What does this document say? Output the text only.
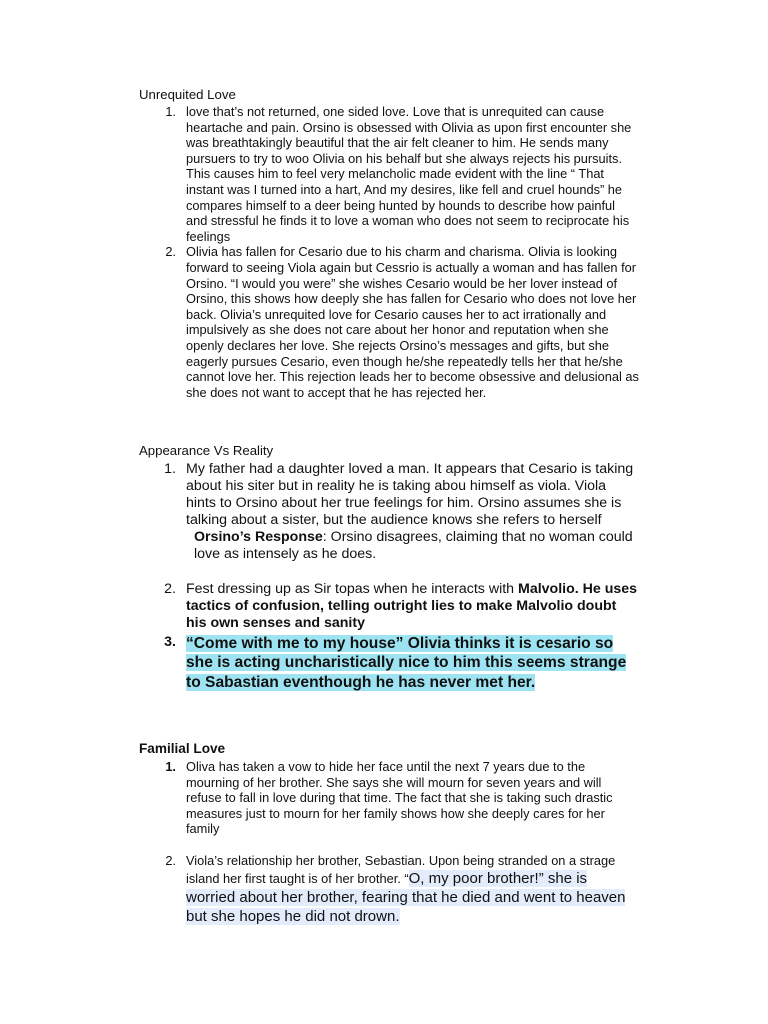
Unrequited Love

1. love that’s not returned, one sided love. Love that is unrequited can cause heartache and pain. Orsino is obsessed with Olivia as upon first encounter she was breathtakingly beautiful that the air felt cleaner to him. He sends many pursuers to try to woo Olivia on his behalf but she always rejects his pursuits. This causes him to feel very melancholic made evident with the line “ That instant was I turned into a hart, And my desires, like fell and cruel hounds” he compares himself to a deer being hunted by hounds to describe how painful and stressful he finds it to love a woman who does not seem to reciprocate his feelings
2. Olivia has fallen for Cesario due to his charm and charisma. Olivia is looking forward to seeing Viola again but Cessrio is actually a woman and has fallen for Orsino. “I would you were” she wishes Cesario would be her lover instead of Orsino, this shows how deeply she has fallen for Cesario who does not love her back. Olivia’s unrequited love for Cesario causes her to act irrationally and impulsively as she does not care about her honor and reputation when she openly declares her love. She rejects Orsino’s messages and gifts, but she eagerly pursues Cesario, even though he/she repeatedly tells her that he/she cannot love her. This rejection leads her to become obsessive and delusional as she does not want to accept that he has rejected her.

Appearance Vs Reality

1. My father had a daughter loved a man. It appears that Cesario is taking about his siter but in reality he is taking abou himself as viola. Viola hints to Orsino about her true feelings for him. Orsino assumes she is talking about a sister, but the audience knows she refers to herself
Orsino’s Response: Orsino disagrees, claiming that no woman could love as intensely as he does.
2. Fest dressing up as Sir topas when he interacts with Malvolio. He uses tactics of confusion, telling outright lies to make Malvolio doubt his own senses and sanity
3. “Come with me to my house” Olivia thinks it is cesario so she is acting uncharistically nice to him this seems strange to Sabastian eventhough he has never met her.

Familial Love

1. Oliva has taken a vow to hide her face until the next 7 years due to the mourning of her brother. She says she will mourn for seven years and will refuse to fall in love during that time. The fact that she is taking such drastic measures just to mourn for her family shows how she deeply cares for her family
2. Viola’s relationship her brother, Sebastian. Upon being stranded on a strage island her first taught is of her brother. “O, my poor brother!” she is worried about her brother, fearing that he died and went to heaven but she hopes he did not drown.
